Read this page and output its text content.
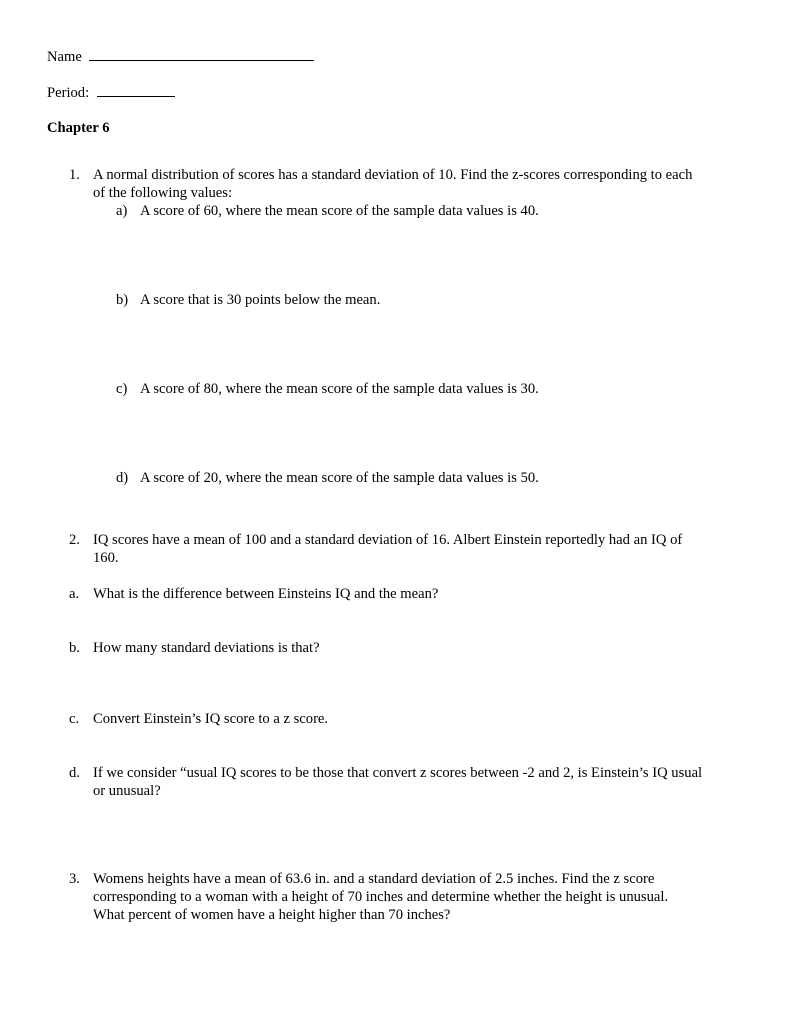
Name
Period:
Chapter 6
1. A normal distribution of scores has a standard deviation of 10. Find the z-scores corresponding to each
of the following values:
a) A score of 60, where the mean score of the sample data values is 40.
b) A score that is 30 points below the mean.
c) A score of 80, where the mean score of the sample data values is 30.
d) A score of 20, where the mean score of the sample data values is 50.
2. IQ scores have a mean of 100 and a standard deviation of 16. Albert Einstein reportedly had an IQ of
160.
a. What is the difference between Einsteins IQ and the mean?
b. How many standard deviations is that?
c. Convert Einstein’s IQ score to a z score.
d. If we consider “usual IQ scores to be those that convert z scores between -2 and 2, is Einstein’s IQ usual
or unusual?
3. Womens heights have a mean of 63.6 in. and a standard deviation of 2.5 inches. Find the z score
corresponding to a woman with a height of 70 inches and determine whether the height is unusual.
What percent of women have a height higher than 70 inches?
